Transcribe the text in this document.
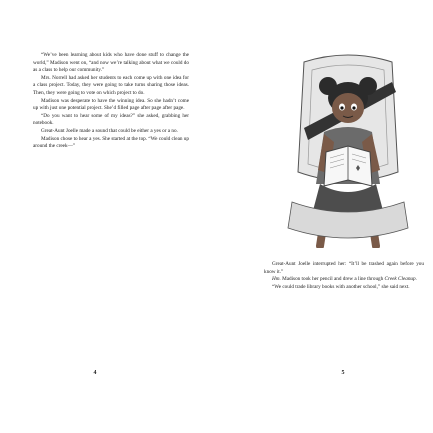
“We’ve been learning about kids who have done stuff to change the world,” Madison went on, “and now we’re talking about what we could do as a class to help our community.”

Mrs. Norrell had asked her students to each come up with one idea for a class project. Today, they were going to take turns sharing those ideas. Then, they were going to vote on which project to do.

Madison was desperate to have the winning idea. So she hadn’t come up with just one potential project. She’d filled page after page after page.

“Do you want to hear some of my ideas?” she asked, grabbing her notebook.

Great-Aunt Joelle made a sound that could be either a yes or a no.

Madison chose to hear a yes. She started at the top. “We could clean up around the creek—”

4

Great-Aunt Joelle interrupted her: “It’ll be trashed again before you know it.”

Hm. Madison took her pencil and drew a line through Creek Cleanup.

“We could trade library books with another school,” she said next.

5
